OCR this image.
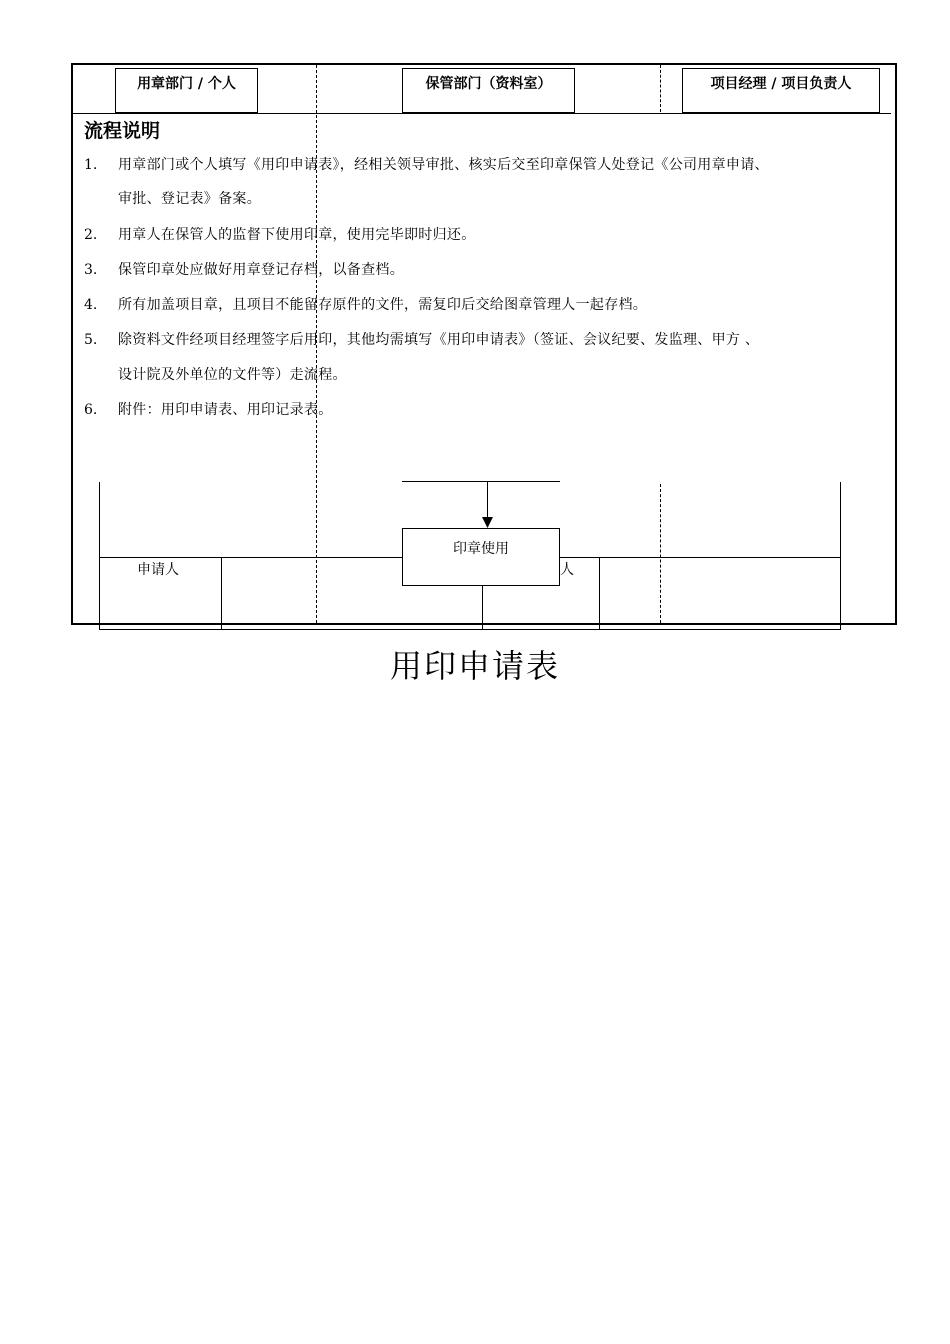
用章部门 / 个人	保管部门（资料室）	项目经理 / 项目负责人
流程说明
1. 用章部门或个人填写《用印申请表》，经相关领导审批、核实后交至印章保管人处登记《公司用章申请、
审批、登记表》备案。
2. 用章人在保管人的监督下使用印章，使用完毕即时归还。
3. 保管印章处应做好用章登记存档，以备查档。
4. 所有加盖项目章，且项目不能留存原件的文件，需复印后交给图章管理人一起存档。
5. 除资料文件经项目经理签字后用印，其他均需填写《用印申请表》（签证、会议纪要、发监理、甲方 、
设计院及外单位的文件等）走流程。
6. 附件：用印申请表、用印记录表。
申请人	人
印章使用
用印申请表
